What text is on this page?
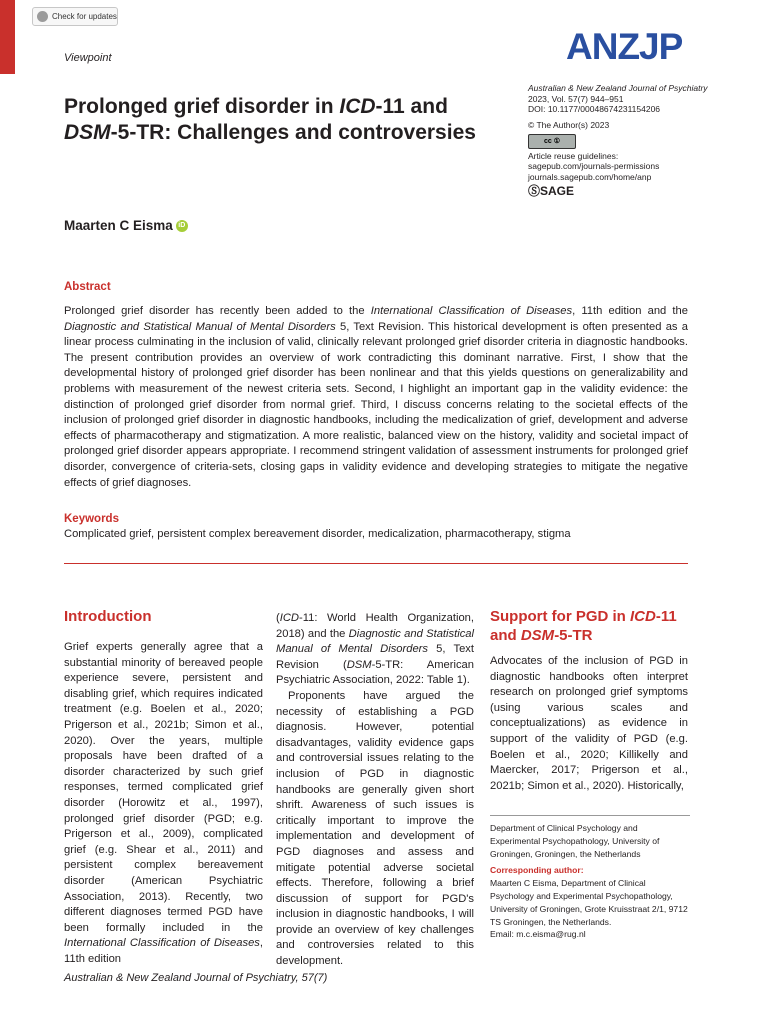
Check for updates
Viewpoint	ANZJP
Australian & New Zealand Journal of Psychiatry
2023, Vol. 57(7) 944–951
DOI: 10.1177/00048674231154206
© The Author(s) 2023
cc ①
Article reuse guidelines:
sagepub.com/journals-permissions
journals.sagepub.com/home/anp
ⓈSAGE
Prolonged grief disorder in ICD-11 and DSM-5-TR: Challenges and controversies
Maarten C Eisma iD
Abstract
Prolonged grief disorder has recently been added to the International Classification of Diseases, 11th edition and the Diagnostic and Statistical Manual of Mental Disorders 5, Text Revision. This historical development is often presented as a linear process culminating in the inclusion of valid, clinically relevant prolonged grief disorder criteria in diagnostic handbooks. The present contribution provides an overview of work contradicting this dominant narrative. First, I show that the developmental history of prolonged grief disorder has been nonlinear and that this yields questions on generalizability and problems with measurement of the newest criteria sets. Second, I highlight an important gap in the validity evidence: the distinction of prolonged grief disorder from normal grief. Third, I discuss concerns relating to the societal effects of the inclusion of prolonged grief disorder in diagnostic handbooks, including the medicalization of grief, development and adverse effects of pharmacotherapy and stigmatization. A more realistic, balanced view on the history, validity and societal impact of prolonged grief disorder appears appropriate. I recommend stringent validation of assessment instruments for prolonged grief disorder, convergence of criteria-sets, closing gaps in validity evidence and developing strategies to mitigate the negative effects of grief diagnoses.
Keywords
Complicated grief, persistent complex bereavement disorder, medicalization, pharmacotherapy, stigma
Introduction

Grief experts generally agree that a substantial minority of bereaved people experience severe, persistent and disabling grief, which requires indicated treatment (e.g. Boelen et al., 2020; Prigerson et al., 2021b; Simon et al., 2020). Over the years, multiple proposals have been drafted of a disorder characterized by such grief responses, termed complicated grief disorder (Horowitz et al., 1997), prolonged grief disorder (PGD; e.g. Prigerson et al., 2009), complicated grief (e.g. Shear et al., 2011) and persistent complex bereavement disorder (American Psychiatric Association, 2013). Recently, two different diagnoses termed PGD have been formally included in the International Classification of Diseases, 11th edition

(ICD-11: World Health Organization, 2018) and the Diagnostic and Statistical Manual of Mental Disorders 5, Text Revision (DSM-5-TR: American Psychiatric Association, 2022: Table 1).

Proponents have argued the necessity of establishing a PGD diagnosis. However, potential disadvantages, validity evidence gaps and controversial issues relating to the inclusion of PGD in diagnostic handbooks are generally given short shrift. Awareness of such issues is critically important to improve the implementation and development of PGD diagnoses and assess and mitigate potential adverse societal effects. Therefore, following a brief discussion of support for PGD's inclusion in diagnostic handbooks, I will provide an overview of key challenges and controversies related to this development.

Support for PGD in ICD-11 and DSM-5-TR

Advocates of the inclusion of PGD in diagnostic handbooks often interpret research on prolonged grief symptoms (using various scales and conceptualizations) as evidence in support of the validity of PGD (e.g. Boelen et al., 2020; Killikelly and Maercker, 2017; Prigerson et al., 2021b; Simon et al., 2020). Historically,

Department of Clinical Psychology and Experimental Psychopathology, University of Groningen, Groningen, the Netherlands
Corresponding author:
Maarten C Eisma, Department of Clinical Psychology and Experimental Psychopathology, University of Groningen, Grote Kruisstraat 2/1, 9712 TS Groningen, the Netherlands.
Email: m.c.eisma@rug.nl
Australian & New Zealand Journal of Psychiatry, 57(7)
